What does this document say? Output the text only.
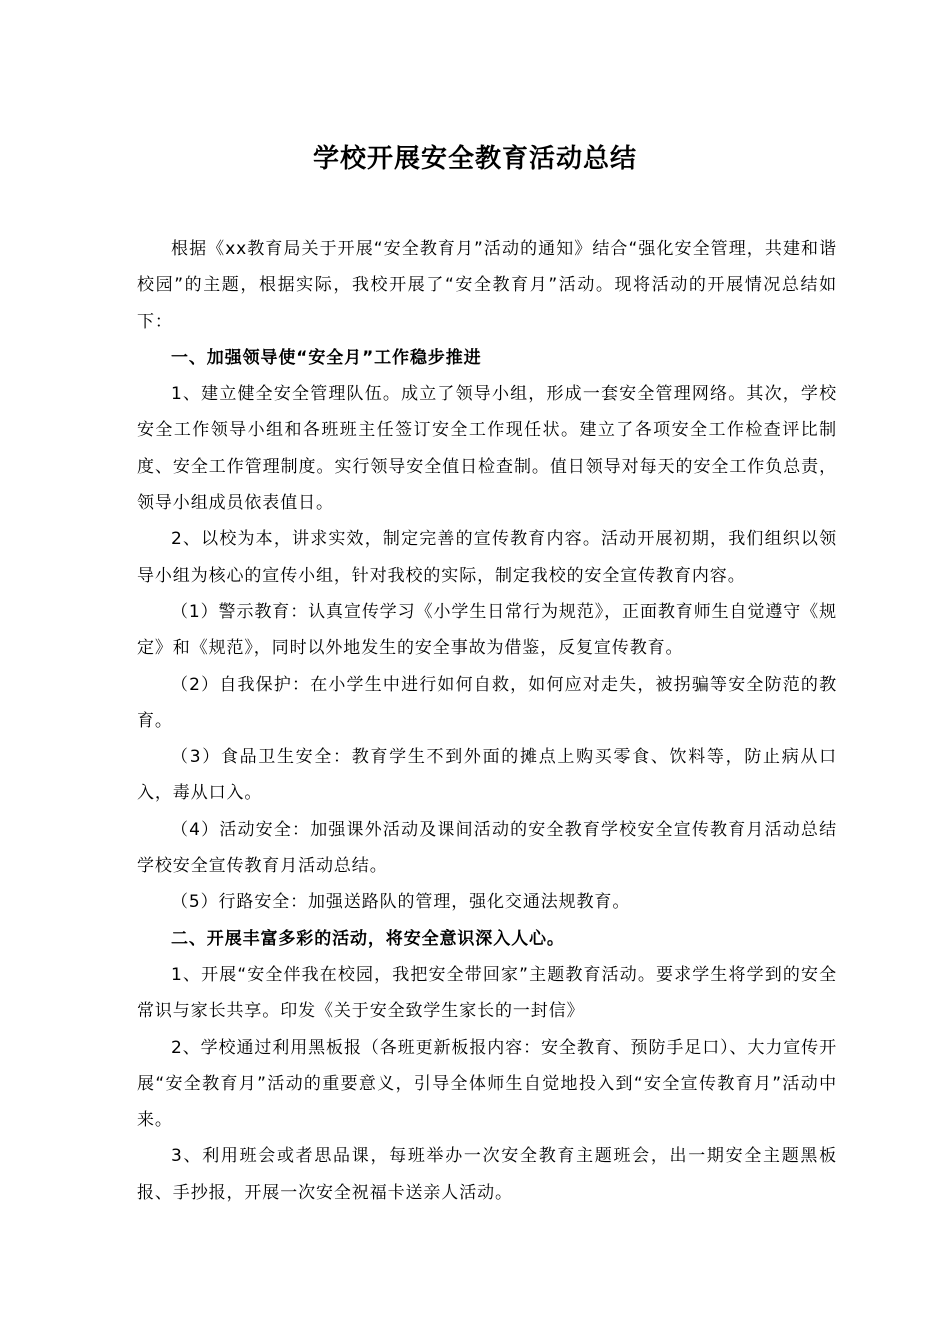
学校开展安全教育活动总结

根据《xx教育局关于开展“安全教育月”活动的通知》结合“强化安全管理，共建和谐校园”的主题，根据实际，我校开展了“安全教育月”活动。现将活动的开展情况总结如下：

一、加强领导使“安全月”工作稳步推进

1、建立健全安全管理队伍。成立了领导小组，形成一套安全管理网络。其次，学校安全工作领导小组和各班班主任签订安全工作现任状。建立了各项安全工作检查评比制度、安全工作管理制度。实行领导安全值日检查制。值日领导对每天的安全工作负总责，领导小组成员依表值日。

2、以校为本，讲求实效，制定完善的宣传教育内容。活动开展初期，我们组织以领导小组为核心的宣传小组，针对我校的实际，制定我校的安全宣传教育内容。

（1）警示教育：认真宣传学习《小学生日常行为规范》，正面教育师生自觉遵守《规定》和《规范》，同时以外地发生的安全事故为借鉴，反复宣传教育。

（2）自我保护：在小学生中进行如何自救，如何应对走失，被拐骗等安全防范的教育。

（3）食品卫生安全：教育学生不到外面的摊点上购买零食、饮料等，防止病从口入，毒从口入。

（4）活动安全：加强课外活动及课间活动的安全教育学校安全宣传教育月活动总结学校安全宣传教育月活动总结。

（5）行路安全：加强送路队的管理，强化交通法规教育。

二、开展丰富多彩的活动，将安全意识深入人心。

1、开展“安全伴我在校园，我把安全带回家”主题教育活动。要求学生将学到的安全常识与家长共享。印发《关于安全致学生家长的一封信》

2、学校通过利用黑板报（各班更新板报内容：安全教育、预防手足口）、大力宣传开展“安全教育月”活动的重要意义，引导全体师生自觉地投入到“安全宣传教育月”活动中来。

3、利用班会或者思品课，每班举办一次安全教育主题班会，出一期安全主题黑板报、手抄报，开展一次安全祝福卡送亲人活动。
